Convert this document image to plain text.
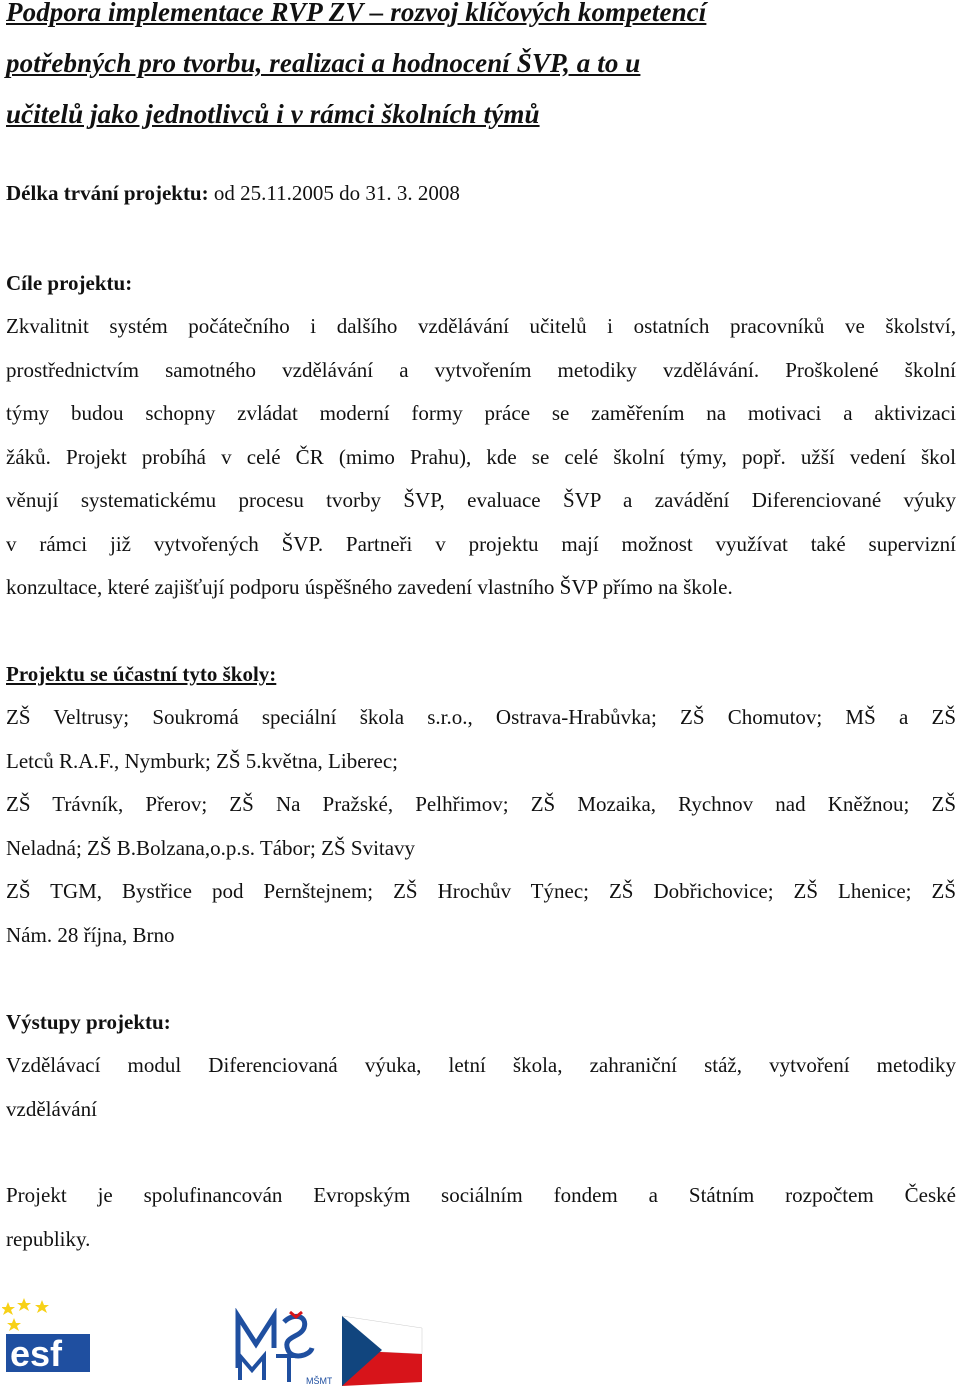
Podpora implementace RVP ZV – rozvoj klíčových kompetencí
potřebných pro tvorbu, realizaci a hodnocení ŠVP, a to u
učitelů jako jednotlivců i v rámci školních týmů

Délka trvání projektu: od 25.11.2005 do 31. 3. 2008

Cíle projektu:

Zkvalitnit systém počátečního i dalšího vzdělávání učitelů i ostatních pracovníků ve školství,
prostřednictvím samotného vzdělávání a vytvořením metodiky vzdělávání. Proškolené školní
týmy budou schopny zvládat moderní formy práce se zaměřením na motivaci a aktivizaci
žáků. Projekt probíhá v celé ČR (mimo Prahu), kde se celé školní týmy, popř. užší vedení škol
věnují systematickému procesu tvorby ŠVP, evaluace ŠVP a zavádění Diferenciované výuky
v rámci již vytvořených ŠVP. Partneři v projektu mají možnost využívat také supervizní
konzultace, které zajišťují podporu úspěšného zavedení vlastního ŠVP přímo na škole.

Projektu se účastní tyto školy:

ZŠ Veltrusy; Soukromá speciální škola s.r.o., Ostrava-Hrabůvka; ZŠ Chomutov; MŠ a ZŠ
Letců R.A.F., Nymburk; ZŠ 5.května, Liberec;
ZŠ Trávník, Přerov; ZŠ Na Pražské, Pelhřimov; ZŠ Mozaika, Rychnov nad Kněžnou; ZŠ
Neladná; ZŠ B.Bolzana,o.p.s. Tábor; ZŠ Svitavy
ZŠ TGM, Bystřice pod Pernštejnem; ZŠ Hrochův Týnec; ZŠ Dobřichovice; ZŠ Lhenice; ZŠ
Nám. 28 října, Brno

Výstupy projektu:

Vzdělávací modul Diferenciovaná výuka, letní škola, zahraniční stáž, vytvoření metodiky
vzdělávání
Projekt je spolufinancován Evropským sociálním fondem a Státním rozpočtem České
republiky.
esf
MŠMT
